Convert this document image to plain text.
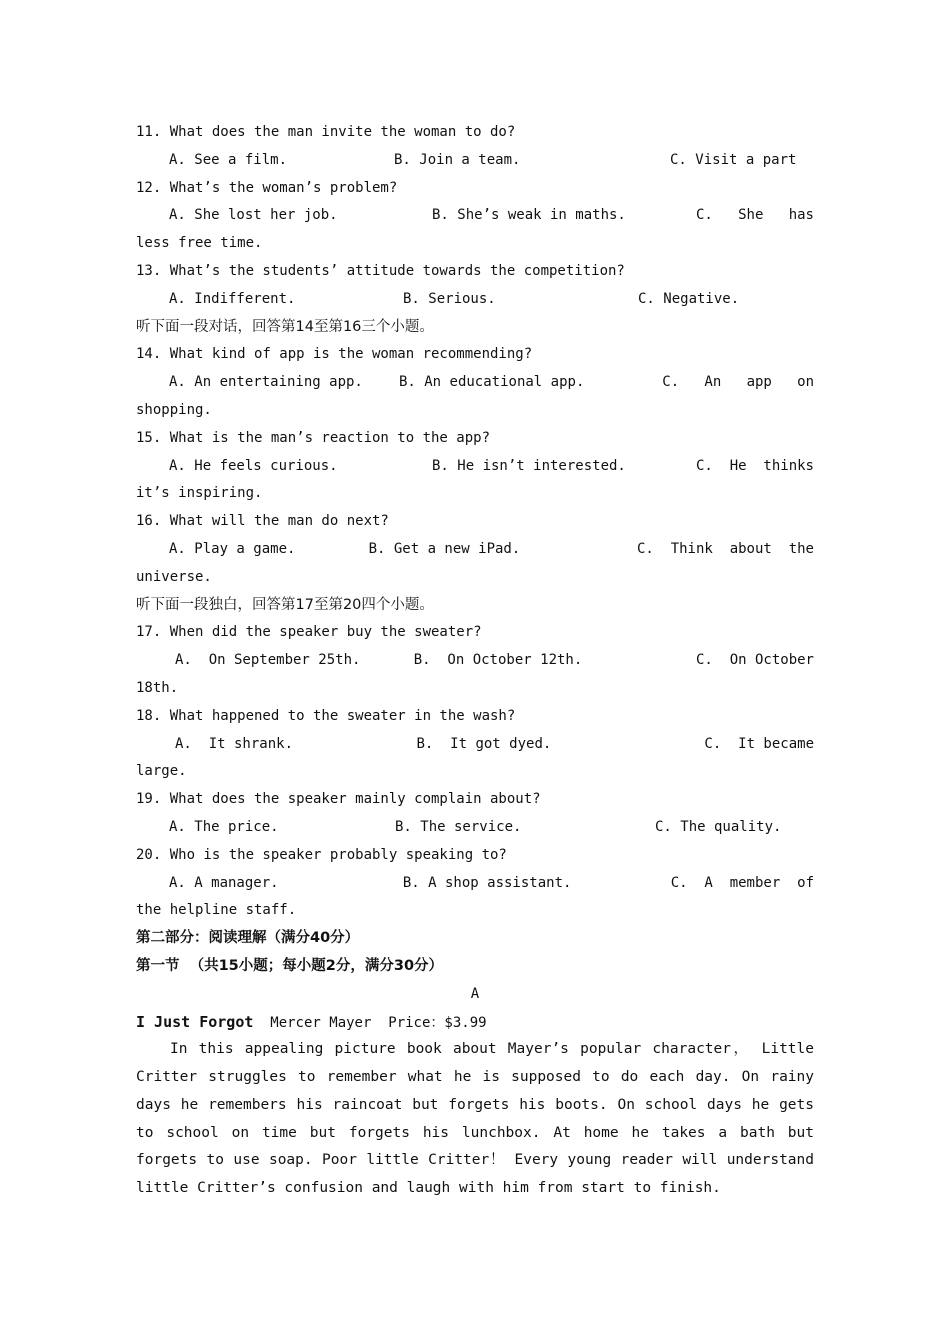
11. What does the man invite the woman to do?
A. See a film.	B. Join a team.	C. Visit a part
12. What’s the woman’s problem?
A. She lost her job.	B. She’s weak in maths.	C.   She   has
less free time.
13. What’s the students’ attitude towards the competition?
A. Indifferent.	B. Serious.	C. Negative.
听下面一段对话，回答第14至第16三个小题。
14. What kind of app is the woman recommending?
A. An entertaining app.	B. An educational app.	C.   An   app   on
shopping.
15. What is the man’s reaction to the app?
A. He feels curious.	B. He isn’t interested.	C.  He  thinks
it’s inspiring.
16. What will the man do next?
A. Play a game.	B. Get a new iPad.	C.  Think  about  the
universe.
听下面一段独白，回答第17至第20四个小题。
17. When did the speaker buy the sweater?
A.  On September 25th.	B.  On October 12th.	C.  On October
18th.
18. What happened to the sweater in the wash?
A.  It shrank.	B.  It got dyed.	C.  It became
large.
19. What does the speaker mainly complain about?
A. The price.	B. The service.	C. The quality.
20. Who is the speaker probably speaking to?
A. A manager.	B. A shop assistant.	C.  A  member  of
the helpline staff.
第二部分：阅读理解（满分40分）
第一节  （共15小题；每小题2分，满分30分）
A
I Just Forgot  Mercer Mayer  Price：$3.99

In this appealing picture book about Mayer’s popular character， Little Critter struggles to remember what he is supposed to do each day. On rainy days he remembers his raincoat but forgets his boots. On school days he gets to school on time but forgets his lunchbox. At home he takes a bath but forgets to use soap. Poor little Critter！ Every young reader will understand little Critter’s confusion and laugh with him from start to finish.
